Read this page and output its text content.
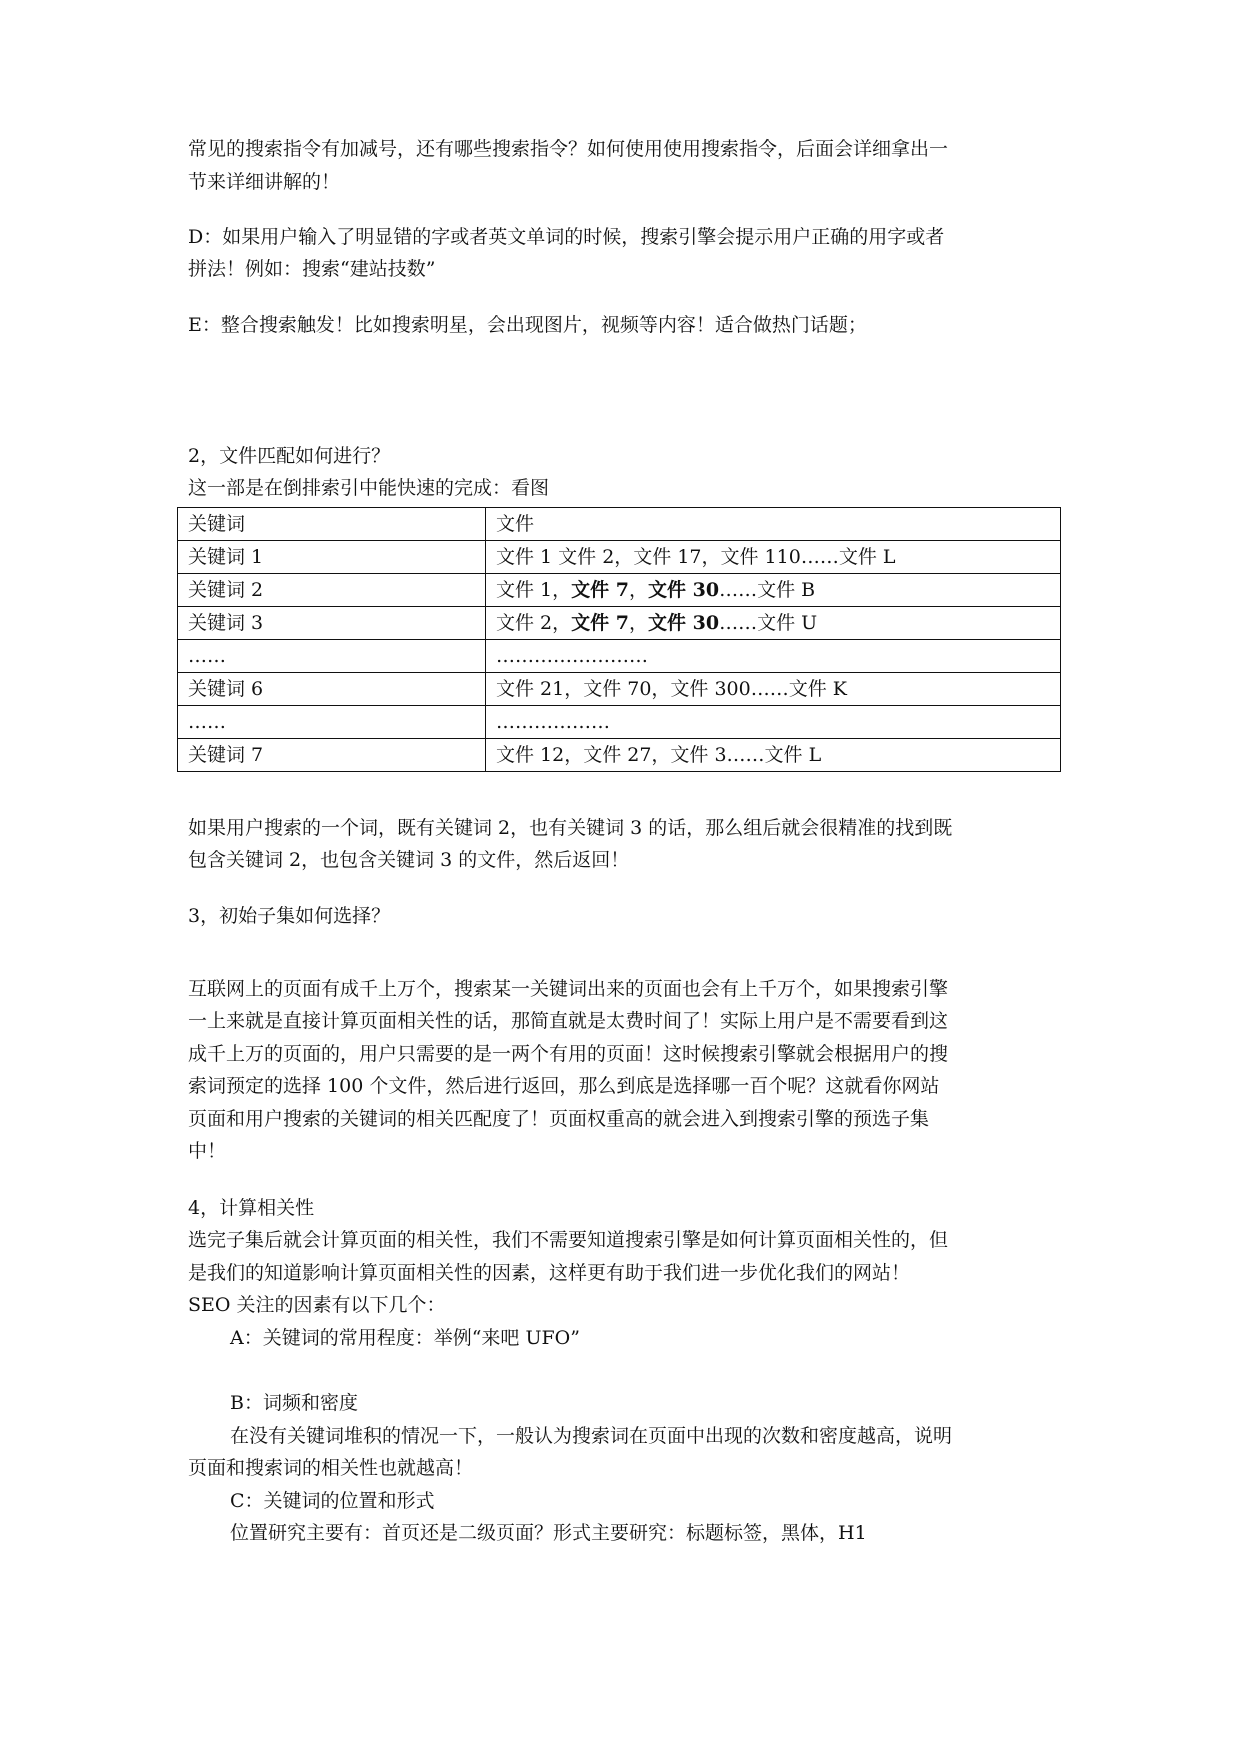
常见的搜索指令有加减号，还有哪些搜索指令？如何使用使用搜索指令，后面会详细拿出一
节来详细讲解的！
D：如果用户输入了明显错的字或者英文单词的时候，搜索引擎会提示用户正确的用字或者
拼法！例如：搜索“建站技数”
E：整合搜索触发！比如搜索明星，会出现图片，视频等内容！适合做热门话题；
2，文件匹配如何进行？
这一部是在倒排索引中能快速的完成：看图
关键词	文件
关键词 1	文件 1 文件 2，文件 17，文件 110……文件 L
关键词 2	文件 1，文件 7，文件 30……文件 B
关键词 3	文件 2，文件 7，文件 30……文件 U
……	……………………
关键词 6	文件 21，文件 70，文件 300……文件 K
……	………………
关键词 7	文件 12，文件 27，文件 3……文件 L
如果用户搜索的一个词，既有关键词 2，也有关键词 3 的话，那么组后就会很精准的找到既
包含关键词 2，也包含关键词 3 的文件，然后返回！
3，初始子集如何选择？
互联网上的页面有成千上万个，搜索某一关键词出来的页面也会有上千万个，如果搜索引擎
一上来就是直接计算页面相关性的话，那简直就是太费时间了！实际上用户是不需要看到这
成千上万的页面的，用户只需要的是一两个有用的页面！这时候搜索引擎就会根据用户的搜
索词预定的选择 100 个文件，然后进行返回，那么到底是选择哪一百个呢？这就看你网站
页面和用户搜索的关键词的相关匹配度了！页面权重高的就会进入到搜索引擎的预选子集
中！
4，计算相关性
选完子集后就会计算页面的相关性，我们不需要知道搜索引擎是如何计算页面相关性的，但
是我们的知道影响计算页面相关性的因素，这样更有助于我们进一步优化我们的网站！
SEO 关注的因素有以下几个：
A：关键词的常用程度：举例“来吧 UFO”
B：词频和密度
在没有关键词堆积的情况一下，一般认为搜索词在页面中出现的次数和密度越高，说明
页面和搜索词的相关性也就越高！
C：关键词的位置和形式
位置研究主要有：首页还是二级页面？形式主要研究：标题标签，黑体，H1
